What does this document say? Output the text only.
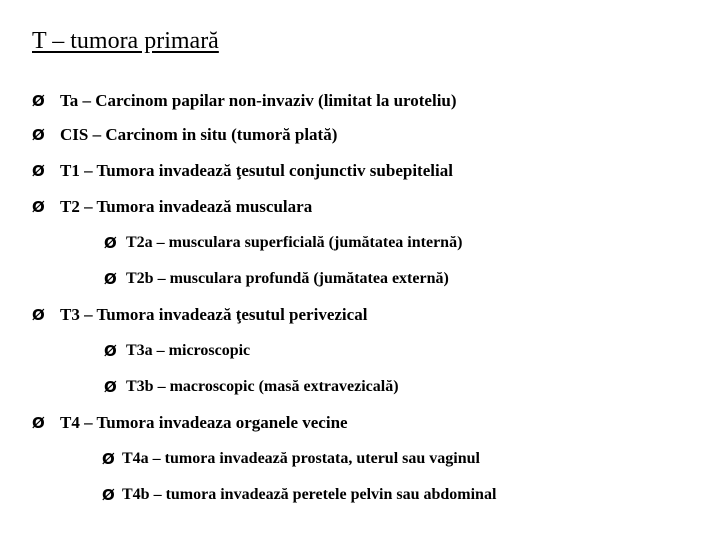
T – tumora primară
Ø Ta – Carcinom papilar non-invaziv (limitat la uroteliu)
Ø CIS – Carcinom in situ (tumoră plată)
Ø T1 – Tumora invadează ţesutul conjunctiv subepitelial
Ø T2 – Tumora invadează musculara
Ø T2a – musculara superficială (jumătatea internă)
Ø T2b – musculara profundă (jumătatea externă)
Ø T3 – Tumora invadează ţesutul perivezical
Ø T3a – microscopic
Ø T3b – macroscopic (masă extravezicală)
Ø T4 – Tumora invadeaza organele vecine
Ø T4a – tumora invadează prostata, uterul sau vaginul
Ø T4b – tumora invadează peretele pelvin sau abdominal
